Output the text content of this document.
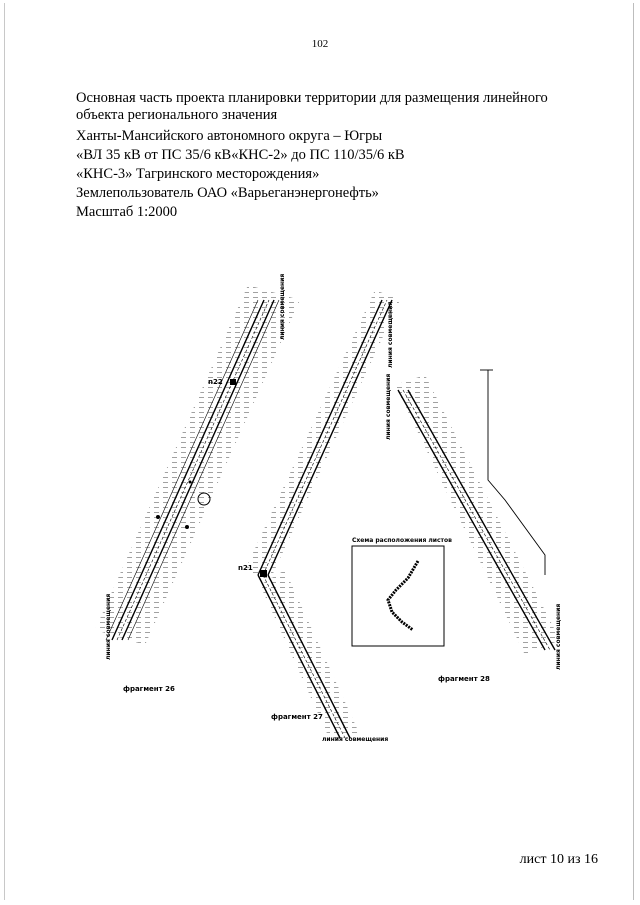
102
Основная часть проекта планировки территории для размещения линейного
объекта регионального значения
Ханты-Мансийского автономного округа – Югры
«ВЛ 35 кВ от ПС 35/6 кВ«КНС-2» до ПС 110/35/6 кВ
«КНС-3» Тагринского месторождения»
Землепользователь ОАО «Варьеганэнергонефть»
Масштаб 1:2000
n22
фрагмент 26
линия совмещения
линия совмещения
n21
фрагмент 27
линия совмещения
линия совмещения
фрагмент 28
линия совмещения
линия совмещения
Схема расположения листов
лист 10 из 16
